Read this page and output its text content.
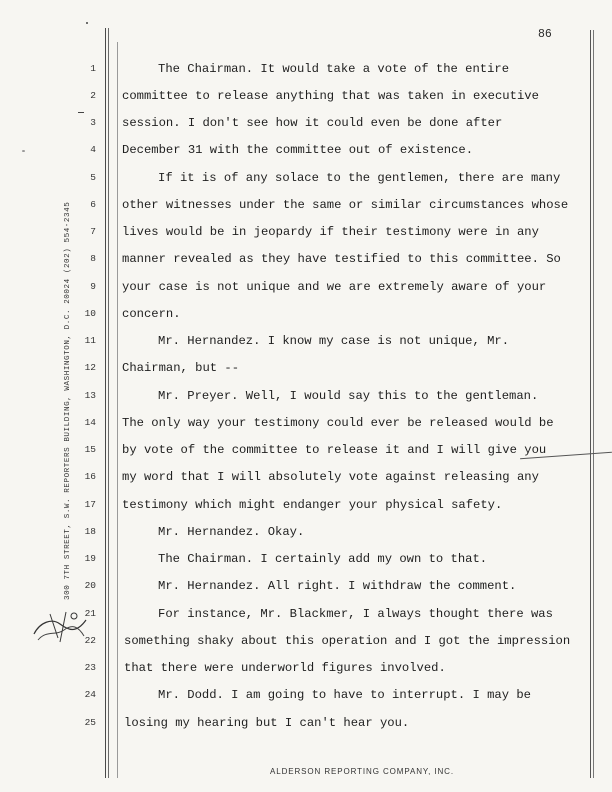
86
300 7TH STREET, S.W. REPORTERS BUILDING, WASHINGTON, D.C. 20024 (202) 554-2345
1
2
3
4
5
6
7
8
9
10
11
12
13
14
15
16
17
18
19
20
21
22
23
24
25
The Chairman. It would take a vote of the entire
committee to release anything that was taken in executive
session. I don't see how it could even be done after
December 31 with the committee out of existence.
If it is of any solace to the gentlemen, there are many
other witnesses under the same or similar circumstances whose
lives would be in jeopardy if their testimony were in any
manner revealed as they have testified to this committee. So
your case is not unique and we are extremely aware of your
concern.
Mr. Hernandez. I know my case is not unique, Mr.
Chairman, but --
Mr. Preyer. Well, I would say this to the gentleman.
The only way your testimony could ever be released would be
by vote of the committee to release it and I will give you
my word that I will absolutely vote against releasing any
testimony which might endanger your physical safety.
Mr. Hernandez. Okay.
The Chairman. I certainly add my own to that.
Mr. Hernandez. All right. I withdraw the comment.
For instance, Mr. Blackmer, I always thought there was
something shaky about this operation and I got the impression
that there were underworld figures involved.
Mr. Dodd. I am going to have to interrupt. I may be
losing my hearing but I can't hear you.
ALDERSON REPORTING COMPANY, INC.
